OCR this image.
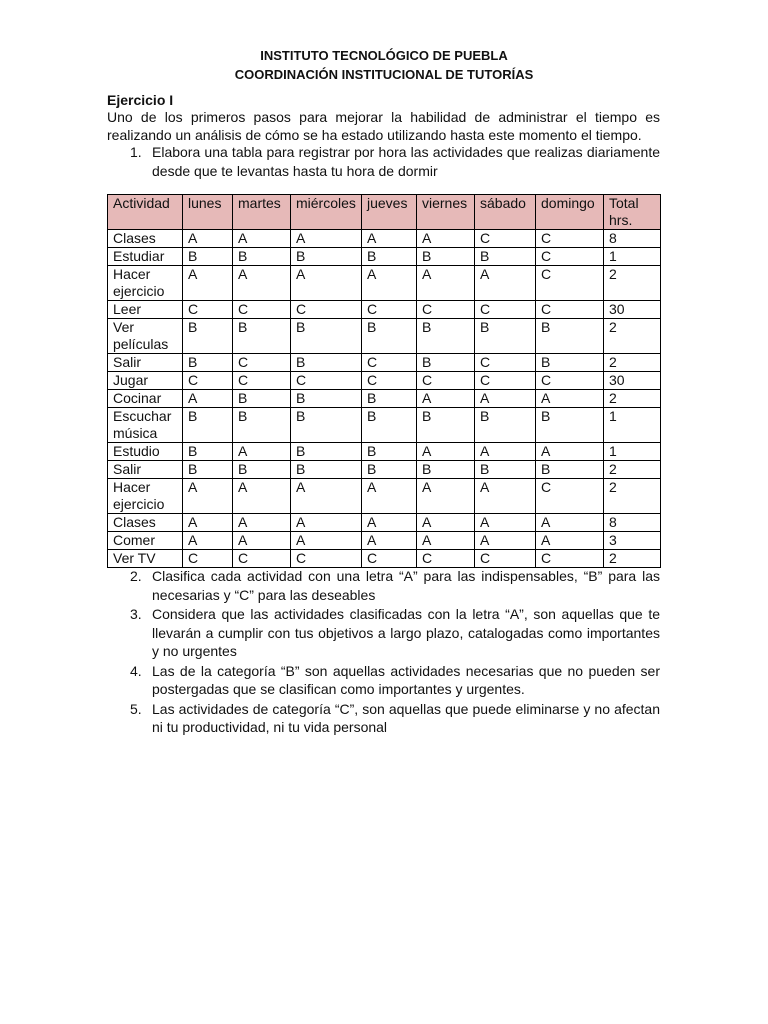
INSTITUTO TECNOLÓGICO DE PUEBLA
COORDINACIÓN INSTITUCIONAL DE TUTORÍAS
Ejercicio I
Uno de los primeros pasos para mejorar la habilidad de administrar el tiempo es realizando un análisis de cómo se ha estado utilizando hasta este momento el tiempo.
1. Elabora una tabla para registrar por hora las actividades que realizas diariamente desde que te levantas hasta tu hora de dormir
Actividad	lunes	martes	miércoles	jueves	viernes	sábado	domingo	Total hrs.
Clases	A	A	A	A	A	C	C	8
Estudiar	B	B	B	B	B	B	C	1
Hacer ejercicio	A	A	A	A	A	A	C	2
Leer	C	C	C	C	C	C	C	30
Ver películas	B	B	B	B	B	B	B	2
Salir	B	C	B	C	B	C	B	2
Jugar	C	C	C	C	C	C	C	30
Cocinar	A	B	B	B	A	A	A	2
Escuchar música	B	B	B	B	B	B	B	1
Estudio	B	A	B	B	A	A	A	1
Salir	B	B	B	B	B	B	B	2
Hacer ejercicio	A	A	A	A	A	A	C	2
Clases	A	A	A	A	A	A	A	8
Comer	A	A	A	A	A	A	A	3
Ver TV	C	C	C	C	C	C	C	2
2. Clasifica cada actividad con una letra “A” para las indispensables, “B” para las necesarias y “C” para las deseables
3. Considera que las actividades clasificadas con la letra “A”, son aquellas que te llevarán a cumplir con tus objetivos a largo plazo, catalogadas como importantes y no urgentes
4. Las de la categoría “B” son aquellas actividades necesarias que no pueden ser postergadas que se clasifican como importantes y urgentes.
5. Las actividades de categoría “C”, son aquellas que puede eliminarse y no afectan ni tu productividad, ni tu vida personal
